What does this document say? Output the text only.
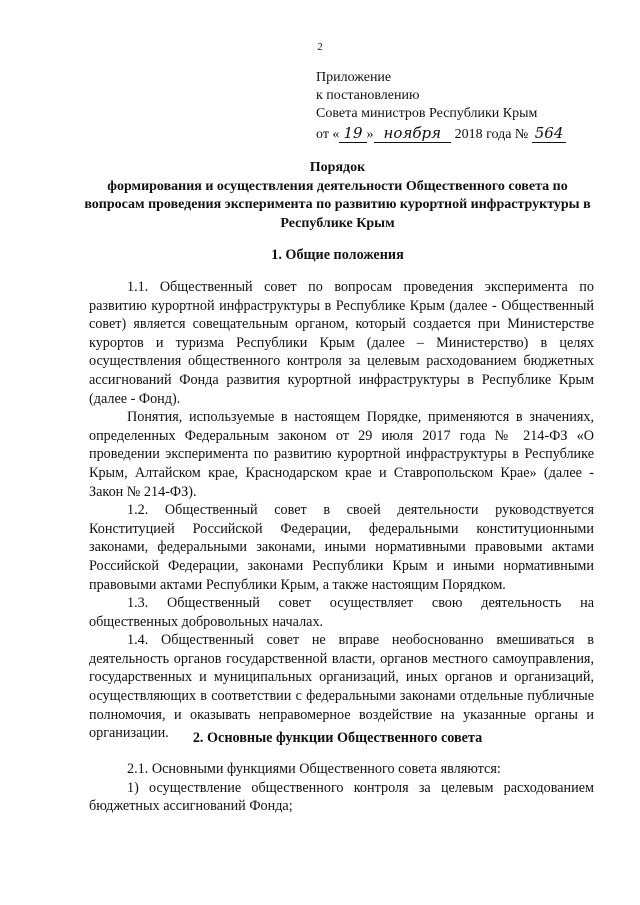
2
Приложение
к постановлению
Совета министров Республики Крым
от « 19 » ноября 2018 года № 564
Порядок
формирования и осуществления деятельности Общественного совета по вопросам проведения эксперимента по развитию курортной инфраструктуры в Республике Крым
1. Общие положения

1.1. Общественный совет по вопросам проведения эксперимента по развитию курортной инфраструктуры в Республике Крым (далее - Общественный совет) является совещательным органом, который создается при Министерстве курортов и туризма Республики Крым (далее – Министерство) в целях осуществления общественного контроля за целевым расходованием бюджетных ассигнований Фонда развития курортной инфраструктуры в Республике Крым (далее - Фонд).

Понятия, используемые в настоящем Порядке, применяются в значениях, определенных Федеральным законом от 29 июля 2017 года № 214-ФЗ «О проведении эксперимента по развитию курортной инфраструктуры в Республике Крым, Алтайском крае, Краснодарском крае и Ставропольском Крае» (далее - Закон № 214-ФЗ).

1.2. Общественный совет в своей деятельности руководствуется Конституцией Российской Федерации, федеральными конституционными законами, федеральными законами, иными нормативными правовыми актами Российской Федерации, законами Республики Крым и иными нормативными правовыми актами Республики Крым, а также настоящим Порядком.

1.3. Общественный совет осуществляет свою деятельность на общественных добровольных началах.

1.4. Общественный совет не вправе необоснованно вмешиваться в деятельность органов государственной власти, органов местного самоуправления, государственных и муниципальных организаций, иных органов и организаций, осуществляющих в соответствии с федеральными законами отдельные публичные полномочия, и оказывать неправомерное воздействие на указанные органы и организации.	2. Основные функции Общественного совета

2.1. Основными функциями Общественного совета являются:

1) осуществление общественного контроля за целевым расходованием бюджетных ассигнований Фонда;
